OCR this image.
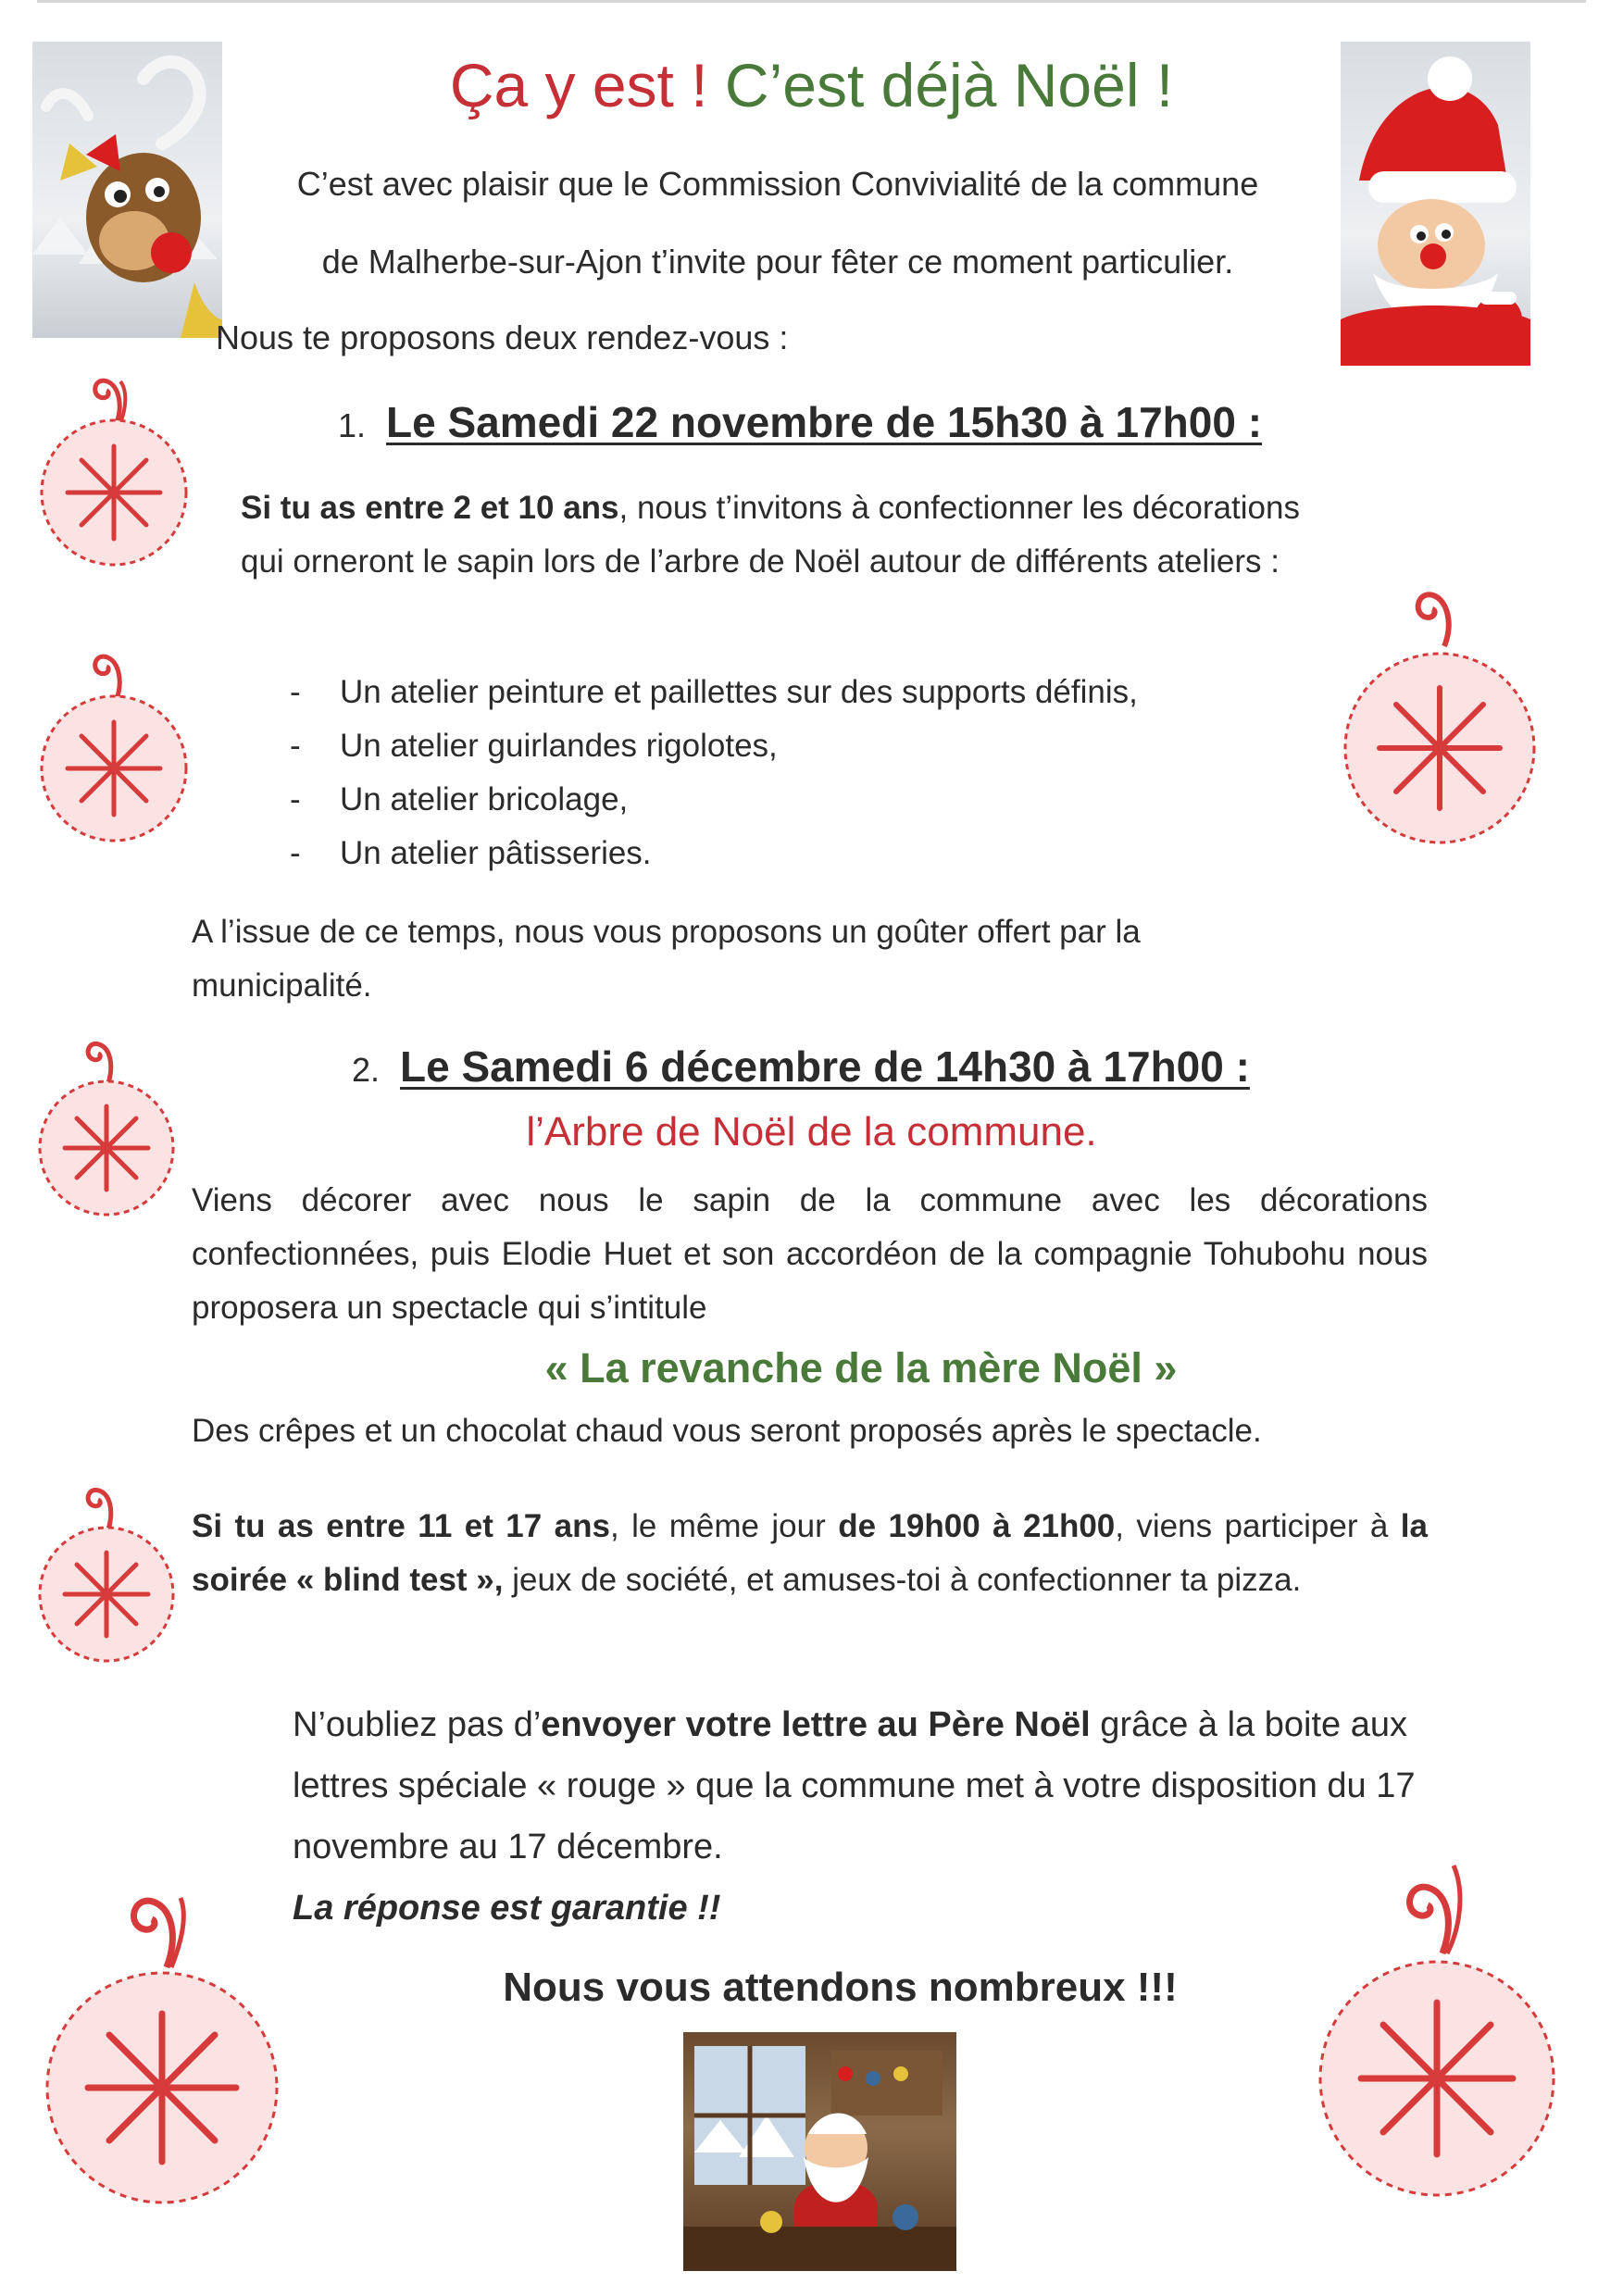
Ça y est ! C’est déjà Noël !
C’est avec plaisir que le Commission Convivialité de la commune
de Malherbe-sur-Ajon t’invite pour fêter ce moment particulier.
Nous te proposons deux rendez-vous :
1. Le Samedi 22 novembre de 15h30 à 17h00 :
Si tu as entre 2 et 10 ans, nous t’invitons à confectionner les décorations qui orneront le sapin lors de l’arbre de Noël autour de différents ateliers :
- Un atelier peinture et paillettes sur des supports définis,
- Un atelier guirlandes rigolotes,
- Un atelier bricolage,
- Un atelier pâtisseries.
A l’issue de ce temps, nous vous proposons un goûter offert par la municipalité.
2. Le Samedi 6 décembre de 14h30 à 17h00 :
l’Arbre de Noël de la commune.
Viens décorer avec nous le sapin de la commune avec les décorations confectionnées, puis Elodie Huet et son accordéon de la compagnie Tohubohu nous proposera un spectacle qui s’intitule
« La revanche de la mère Noël »
Des crêpes et un chocolat chaud vous seront proposés après le spectacle.
Si tu as entre 11 et 17 ans, le même jour de 19h00 à 21h00, viens participer à la soirée « blind test », jeux de société, et amuses-toi à confectionner ta pizza.
N’oubliez pas d’envoyer votre lettre au Père Noël grâce à la boite aux lettres spéciale « rouge » que la commune met à votre disposition du 17 novembre au 17 décembre.
La réponse est garantie !!
Nous vous attendons nombreux !!!
